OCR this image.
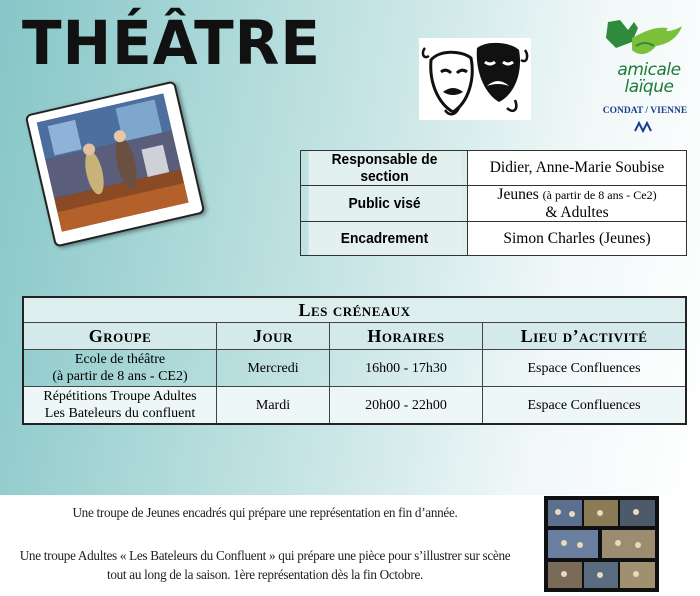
THÉÂTRE	amicale
laïque
CONDAT / VIENNE
Responsable de section	Didier, Anne-Marie Soubise
Public visé	Jeunes (à partir de 8 ans - Ce2)
& Adultes
Encadrement	Simon Charles (Jeunes)
Les créneaux			
Groupe	Jour	Horaires	Lieu d’activité
Ecole de théâtre
(à partir de 8 ans - CE2)	Mercredi	16h00 - 17h30	Espace Confluences
Répétitions Troupe Adultes
Les Bateleurs du confluent	Mardi	20h00 - 22h00	Espace Confluences
Une troupe de Jeunes encadrés qui prépare une représentation en fin d’année.
Une troupe Adultes « Les Bateleurs du Confluent » qui prépare une pièce pour s’illustrer sur scène
tout au long de la saison. 1ère représentation dès la fin Octobre.
